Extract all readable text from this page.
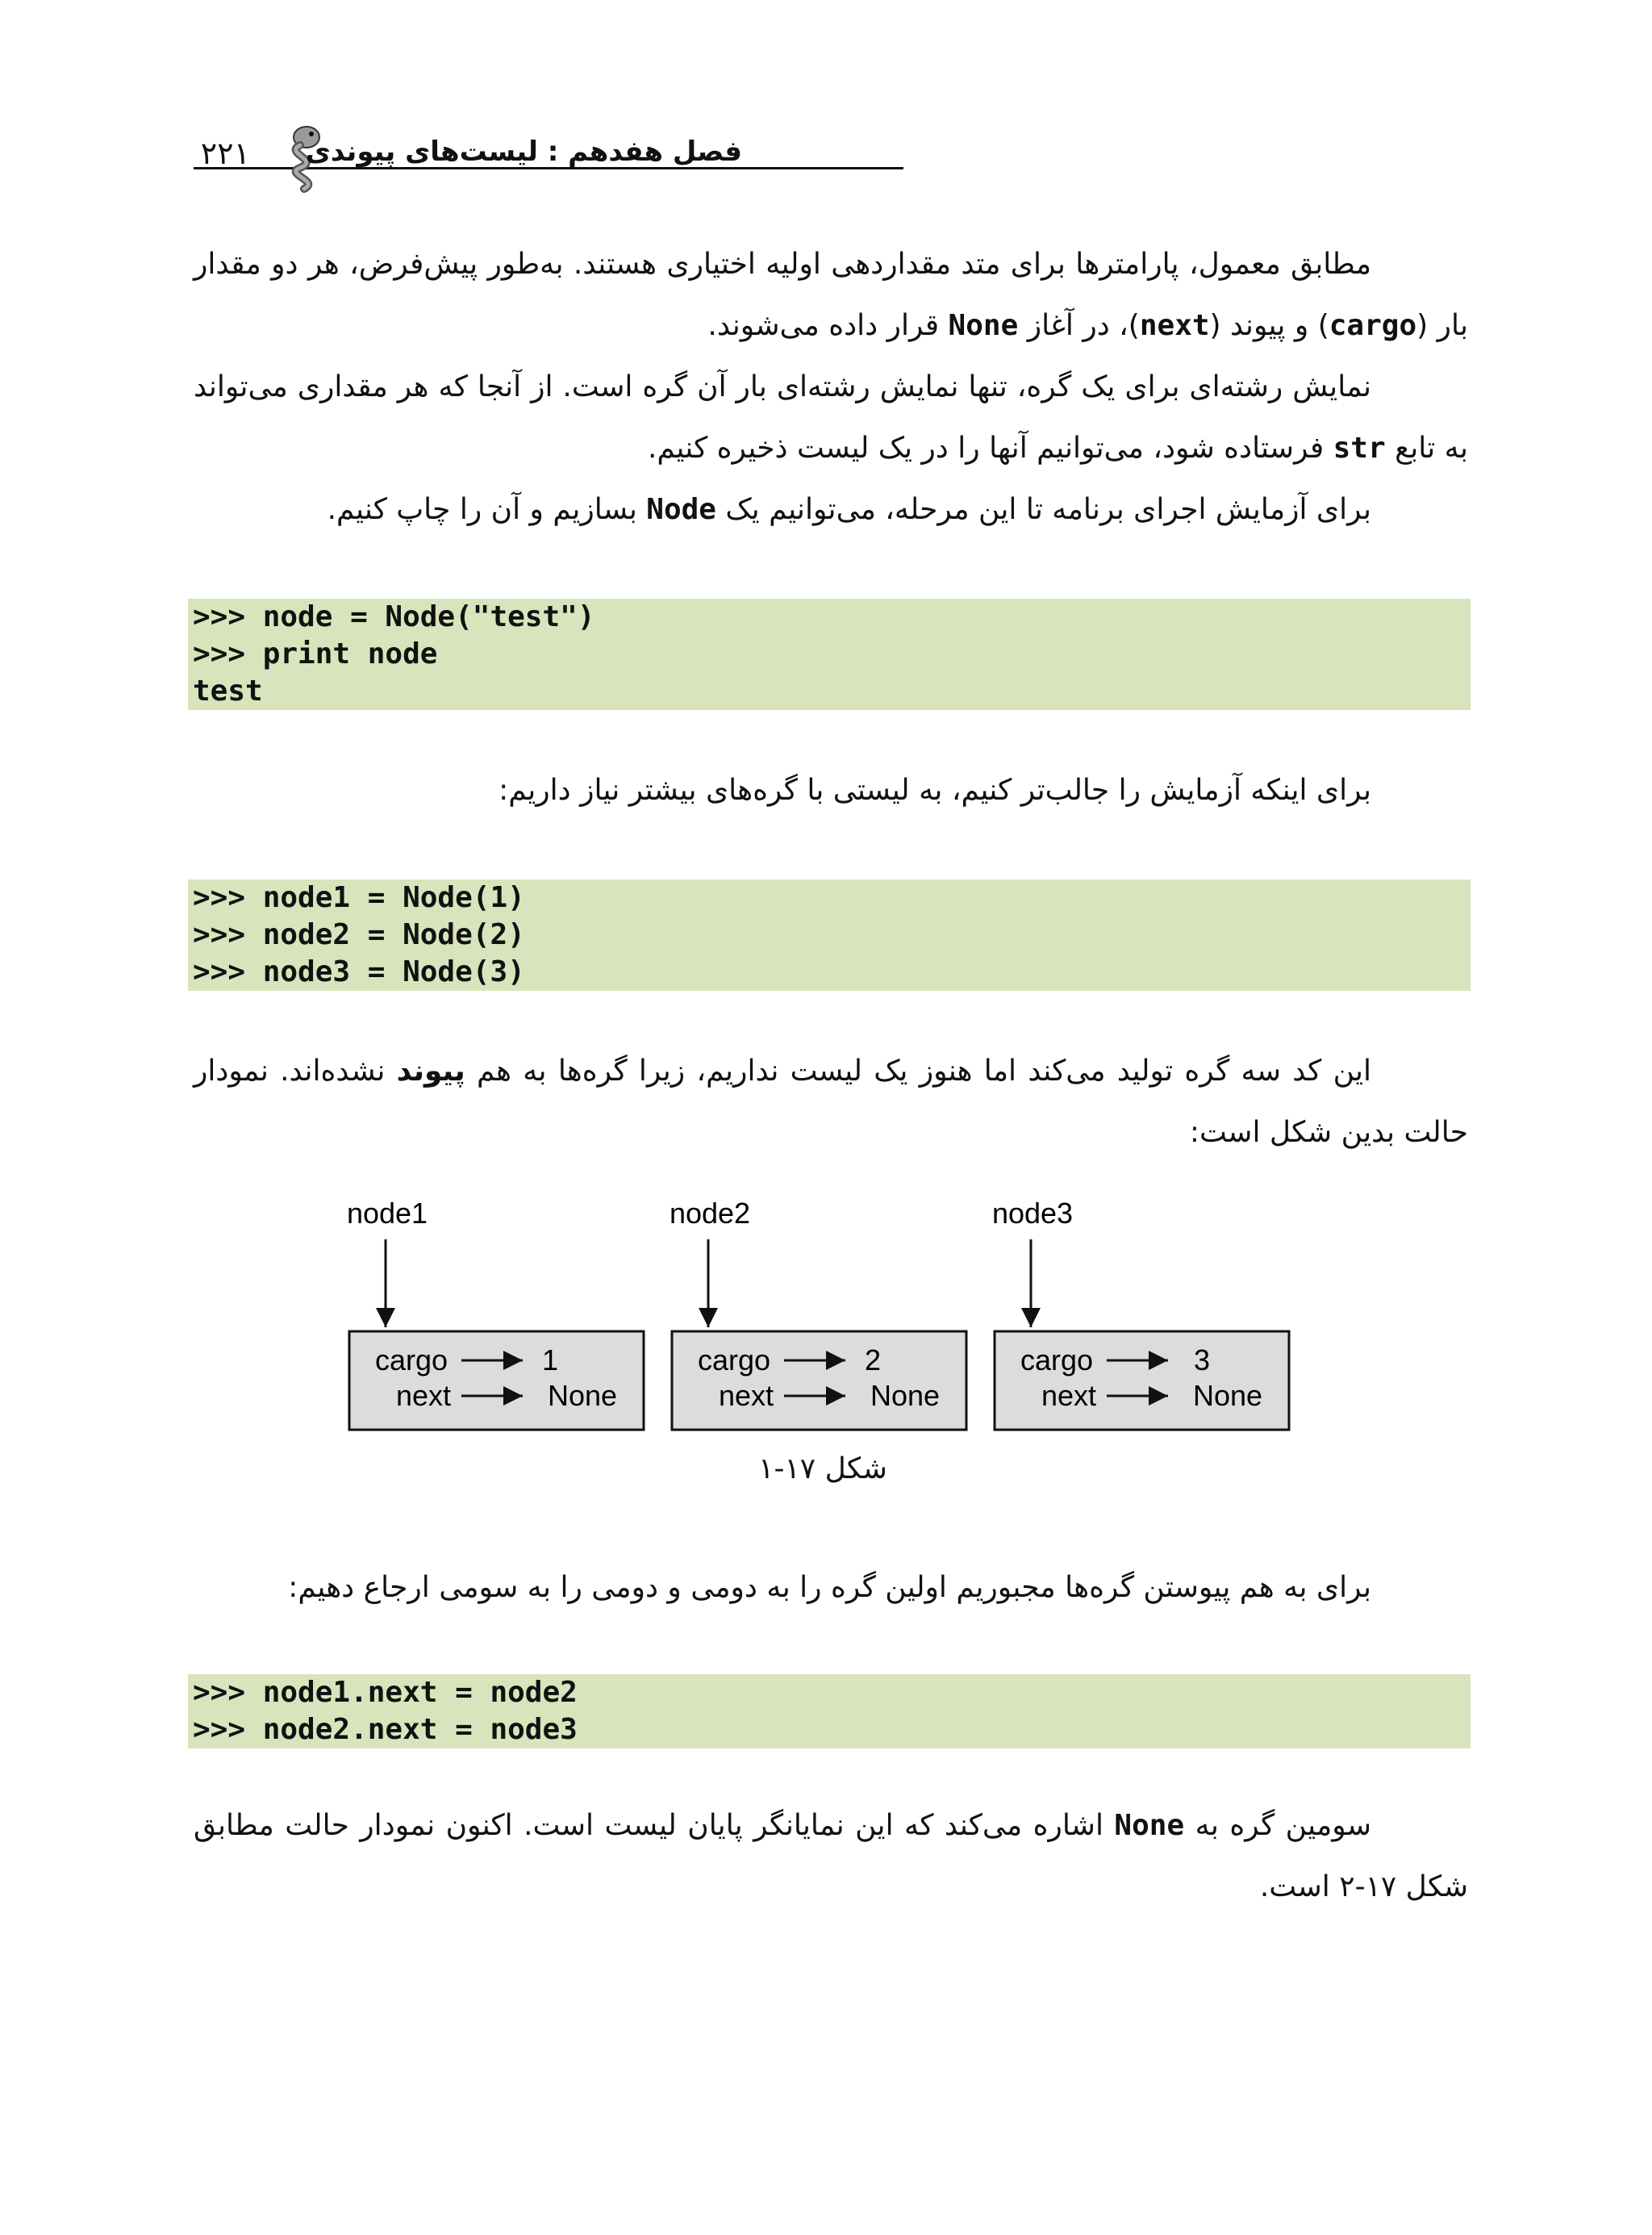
فصل هفدهم : لیست‌های پیوندی
۲۲۱
مطابق معمول، پارامترها برای متد مقداردهی اولیه اختیاری هستند. به‌طور پیش‌فرض، هر دو مقدار بار (cargo) و پیوند (next)، در آغاز None قرار داده می‌شوند.
نمایش رشته‌ای برای یک گره، تنها نمایش رشته‌ای بار آن گره است. از آنجا که هر مقداری می‌تواند به تابع str فرستاده شود، می‌توانیم آنها را در یک لیست ذخیره کنیم.
برای آزمایش اجرای برنامه تا این مرحله، می‌توانیم یک Node بسازیم و آن را چاپ کنیم.
>>> node = Node("test")
>>> print node
test
برای اینکه آزمایش را جالب‌تر کنیم، به لیستی با گره‌های بیشتر نیاز داریم:
>>> node1 = Node(1)
>>> node2 = Node(2)
>>> node3 = Node(3)
این کد سه گره تولید می‌کند اما هنوز یک لیست نداریم، زیرا گره‌ها به هم پیوند نشده‌اند. نمودار حالت بدین شکل است:
node1
cargo	1
next	None
node2
cargo	2
next	None
node3
cargo	3
next	None
شکل ۱۷-۱
برای به هم پیوستن گره‌ها مجبوریم اولین گره را به دومی و دومی را به سومی ارجاع دهیم:
>>> node1.next = node2
>>> node2.next = node3
سومین گره به None اشاره می‌کند که این نمایانگر پایان لیست است. اکنون نمودار حالت مطابق شکل ۱۷-۲ است.
